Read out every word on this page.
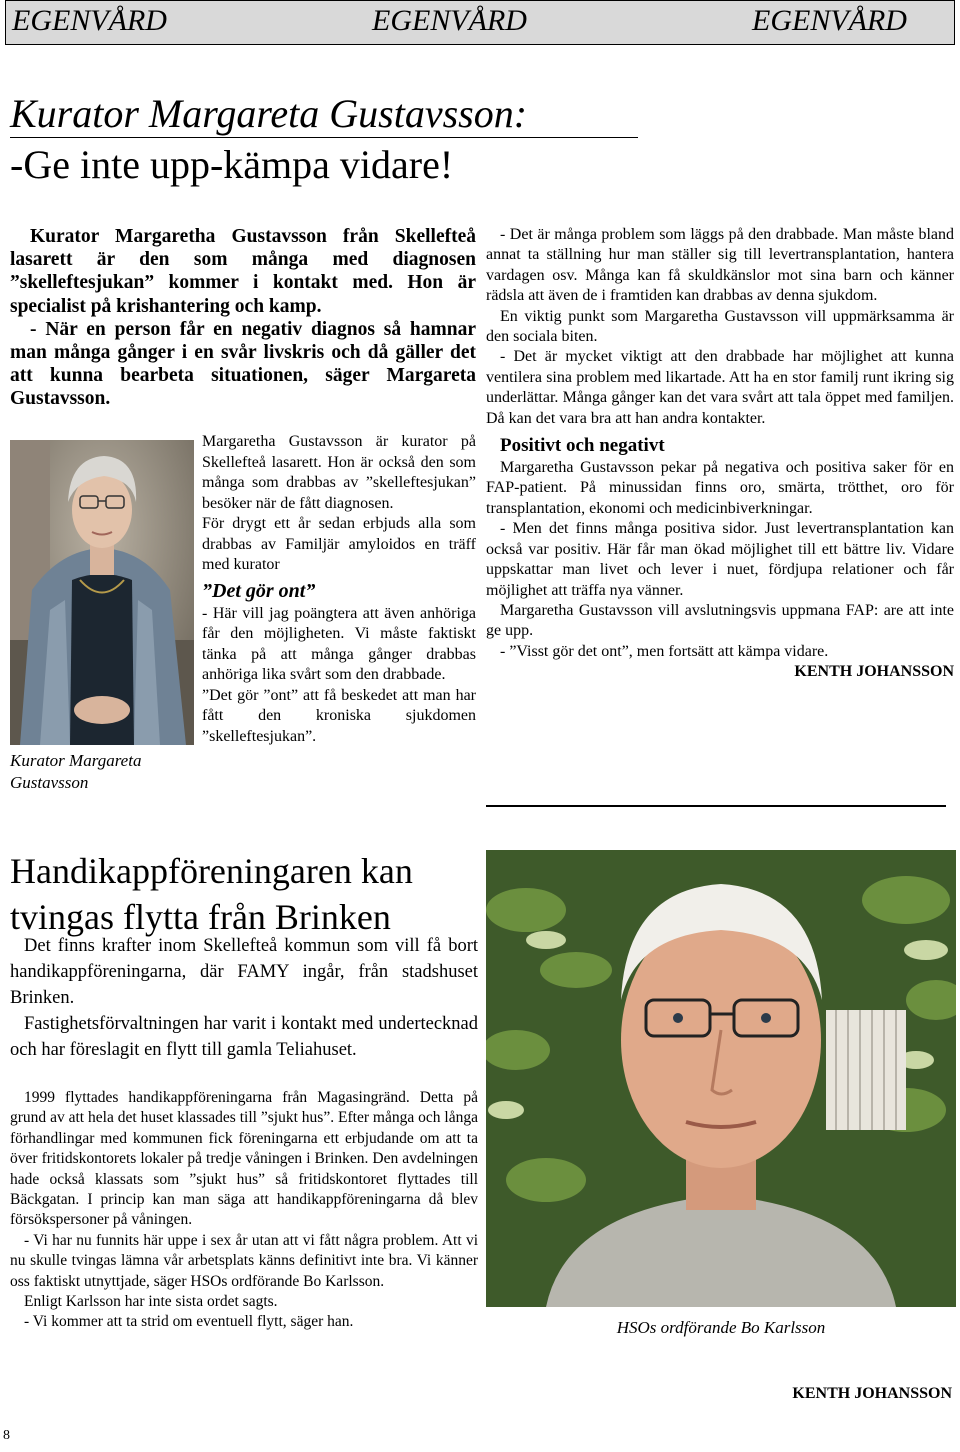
EGENVÅRD	EGENVÅRD	EGENVÅRD
Kurator Margareta Gustavsson:
-Ge inte upp-kämpa vidare!

Kurator Margaretha Gustavsson från Skellefteå lasarett är den som många med diagnosen ”skelleftesjukan” kommer i kontakt med. Hon är specialist på krishantering och kamp.

- När en person får en negativ diagnos så hamnar man många gånger i en svår livskris och då gäller det att kunna bearbeta situationen, säger Margareta Gustavsson.

Kurator Margareta Gustavsson

Margaretha Gustavsson är kurator på Skellefteå lasarett. Hon är också den som många som drabbas av ”skelleftesjukan” besöker när de fått diagnosen.

För drygt ett år sedan erbjuds alla som drabbas av Familjär amyloidos en träff med kurator

”Det gör ont”

- Här vill jag poängtera att även anhöriga får den möjligheten. Vi måste faktiskt tänka på att många gånger drabbas anhöriga lika svårt som den drabbade.

”Det gör ”ont” att få beskedet att man har fått den kroniska sjukdomen ”skelleftesjukan”.

- Det är många problem som läggs på den drabbade. Man måste bland annat ta ställning hur man ställer sig till levertransplantation, hantera vardagen osv. Många kan få skuldkänslor mot sina barn och känner rädsla att även de i framtiden kan drabbas av denna sjukdom.

En viktig punkt som Margaretha Gustavsson vill uppmärksamma är den sociala biten.

- Det är mycket viktigt att den drabbade har möjlighet att kunna ventilera sina problem med likartade. Att ha en stor familj runt ikring sig underlättar. Många gånger kan det vara svårt att tala öppet med familjen. Då kan det vara bra att han andra kontakter.

Positivt och negativt

Margaretha Gustavsson pekar på negativa och positiva saker för en FAP-patient. På minussidan finns oro, smärta, trötthet, oro för transplantation, ekonomi och medicinbiverkningar.

- Men det finns många positiva sidor. Just levertransplantation kan också var positiv. Här får man ökad möjlighet till ett bättre liv. Vidare uppskattar man livet och lever i nuet, fördjupa relationer och får möjlighet att träffa nya vänner.

Margaretha Gustavsson vill avslutningsvis uppmana FAP: are att inte ge upp.

- ”Visst gör det ont”, men fortsätt att kämpa vidare.

KENTH JOHANSSON

Handikappföreningaren kan tvingas flytta från Brinken

Det finns krafter inom Skellefteå kommun som vill få bort handikappföreningarna, där FAMY ingår, från stadshuset Brinken.

Fastighetsförvaltningen har varit i kontakt med undertecknad och har föreslagit en flytt till gamla Teliahuset.

1999 flyttades handikappföreningarna från Magasingränd. Detta på grund av att hela det huset klassades till ”sjukt hus”. Efter många och långa förhandlingar med kommunen fick föreningarna ett erbjudande om att ta över fritidskontorets lokaler på tredje våningen i Brinken. Den avdelningen hade också klassats som ”sjukt hus” så fritidskontoret flyttades till Bäckgatan. I princip kan man säga att handikappföreningarna då blev försökspersoner på våningen.

- Vi har nu funnits här uppe i sex år utan att vi fått några problem. Att vi nu skulle tvingas lämna vår arbetsplats känns definitivt inte bra. Vi känner oss faktiskt utnyttjade, säger HSOs ordförande Bo Karlsson.

Enligt Karlsson har inte sista ordet sagts.

- Vi kommer att ta strid om eventuell flytt, säger han.	HSOs ordförande Bo Karlsson
KENTH JOHANSSON
8
